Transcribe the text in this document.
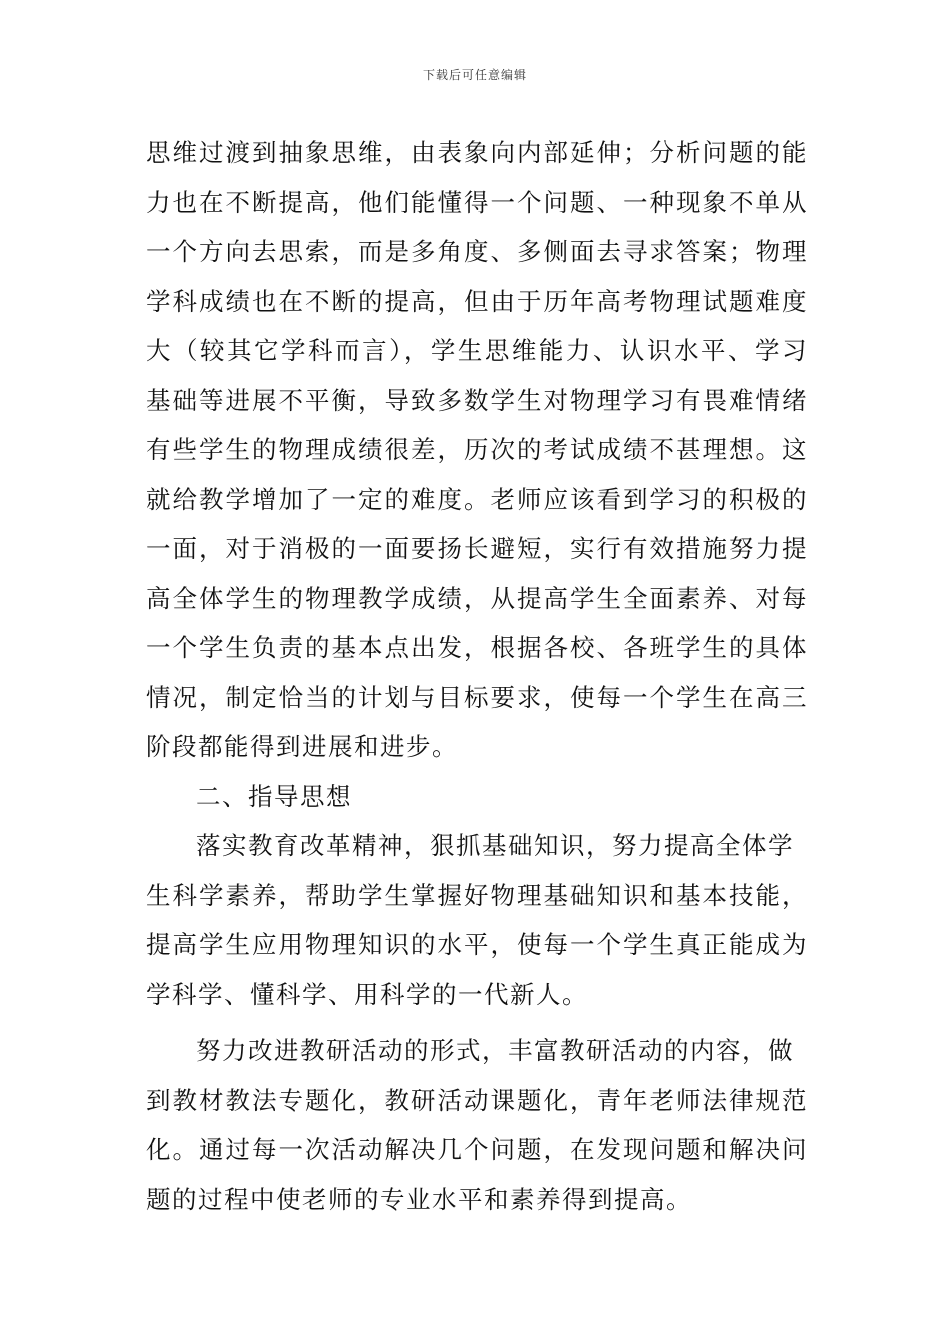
下载后可任意编辑
思维过渡到抽象思维，由表象向内部延伸；分析问题的能
力也在不断提高，他们能懂得一个问题、一种现象不单从
一个方向去思索，而是多角度、多侧面去寻求答案；物理
学科成绩也在不断的提高，但由于历年高考物理试题难度
大（较其它学科而言），学生思维能力、认识水平、学习
基础等进展不平衡，导致多数学生对物理学习有畏难情绪
有些学生的物理成绩很差，历次的考试成绩不甚理想。这
就给教学增加了一定的难度。老师应该看到学习的积极的
一面，对于消极的一面要扬长避短，实行有效措施努力提
高全体学生的物理教学成绩，从提高学生全面素养、对每
一个学生负责的基本点出发，根据各校、各班学生的具体
情况，制定恰当的计划与目标要求，使每一个学生在高三
阶段都能得到进展和进步。
二、指导思想
落实教育改革精神，狠抓基础知识，努力提高全体学
生科学素养，帮助学生掌握好物理基础知识和基本技能，
提高学生应用物理知识的水平，使每一个学生真正能成为
学科学、懂科学、用科学的一代新人。
努力改进教研活动的形式，丰富教研活动的内容，做
到教材教法专题化，教研活动课题化，青年老师法律规范
化。通过每一次活动解决几个问题，在发现问题和解决问
题的过程中使老师的专业水平和素养得到提高。
